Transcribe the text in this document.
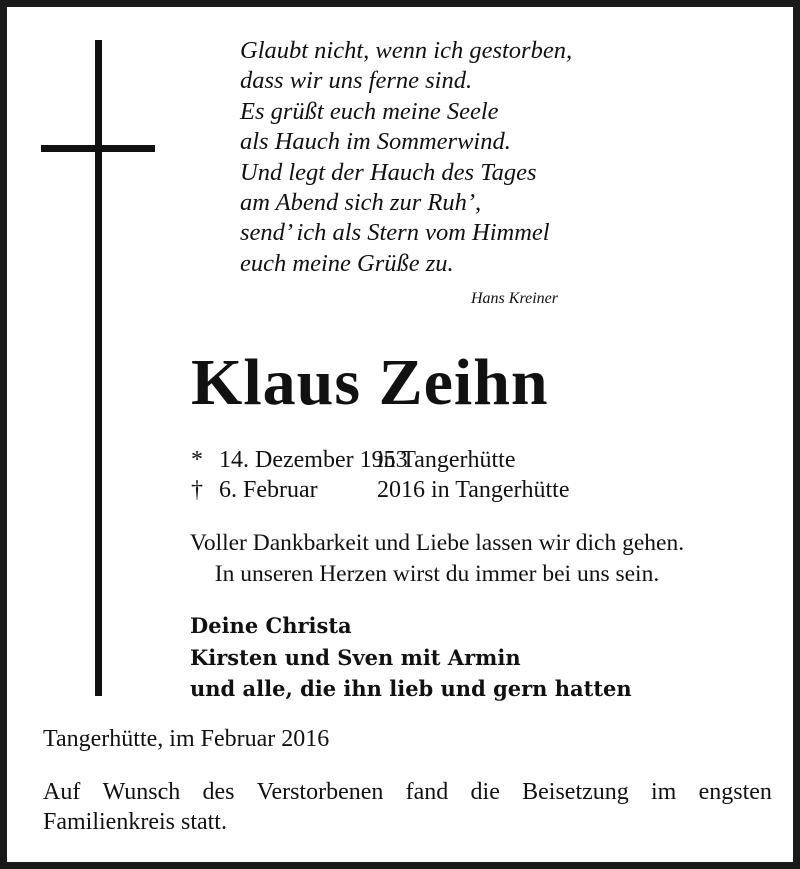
Glaubt nicht, wenn ich gestorben,
dass wir uns ferne sind.
Es grüßt euch meine Seele
als Hauch im Sommerwind.
Und legt der Hauch des Tages
am Abend sich zur Ruh’,
send’ ich als Stern vom Himmel
euch meine Grüße zu.
Hans Kreiner
Klaus Zeihn
* 14. Dezember 1953
in Tangerhütte
† 6. Februar 2016 in Tangerhütte
Voller Dankbarkeit und Liebe lassen wir dich gehen.
In unseren Herzen wirst du immer bei uns sein.
Deine Christa
Kirsten und Sven mit Armin
und alle, die ihn lieb und gern hatten
Tangerhütte, im Februar 2016
Auf Wunsch des Verstorbenen fand die Beisetzung im engsten
Familienkreis statt.
